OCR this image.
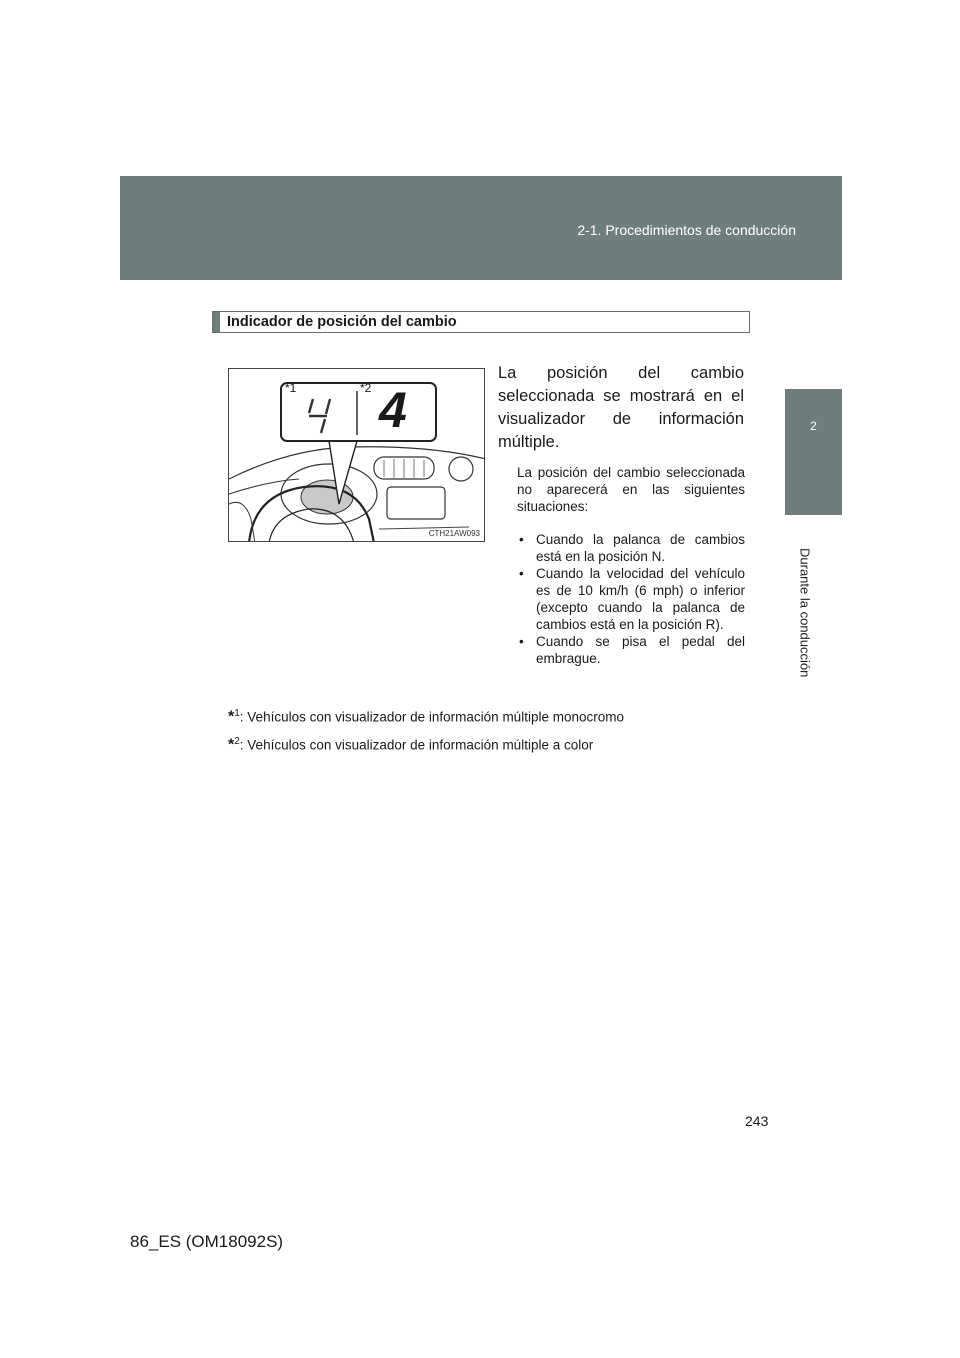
2-1. Procedimientos de conducción
2
Durante la conducción
Indicador de posición del cambio
*1	*2 4
CTH21AW093
La posición del cambio seleccionada se mostrará en el visualizador de información múltiple.
La posición del cambio seleccionada no aparecerá en las siguientes situaciones:
• Cuando la palanca de cambios está en la posición N.
• Cuando la velocidad del vehículo es de 10 km/h (6 mph) o inferior (excepto cuando la palanca de cambios está en la posición R).
• Cuando se pisa el pedal del embrague.
*$^1$: Vehículos con visualizador de información múltiple monocromo
*$^2$: Vehículos con visualizador de información múltiple a color
243
86_ES (OM18092S)
